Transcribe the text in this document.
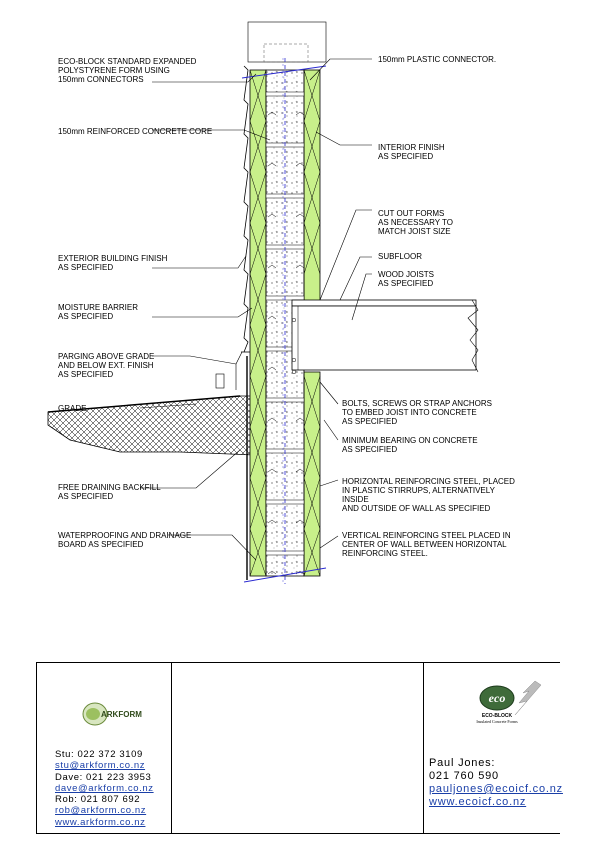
ECO-BLOCK STANDARD EXPANDED
POLYSTYRENE FORM USING
150mm CONNECTORS

150mm REINFORCED CONCRETE CORE

EXTERIOR BUILDING FINISH
AS SPECIFIED

MOISTURE BARRIER
AS SPECIFIED

PARGING ABOVE GRADE
AND BELOW EXT. FINISH
AS SPECIFIED

GRADE

FREE DRAINING BACKFILL
AS SPECIFIED

WATERPROOFING AND DRAINAGE
BOARD AS SPECIFIED

150mm PLASTIC CONNECTOR.

INTERIOR FINISH
AS SPECIFIED

CUT OUT FORMS
AS NECESSARY TO
MATCH JOIST SIZE

SUBFLOOR

WOOD JOISTS
AS SPECIFIED

BOLTS, SCREWS OR STRAP ANCHORS
TO EMBED JOIST INTO CONCRETE
AS SPECIFIED

MINIMUM BEARING ON CONCRETE
AS SPECIFIED

HORIZONTAL REINFORCING STEEL, PLACED
IN PLASTIC STIRRUPS, ALTERNATIVELY
INSIDE
AND OUTSIDE OF WALL AS SPECIFIED

VERTICAL REINFORCING STEEL PLACED IN
CENTER OF WALL BETWEEN HORIZONTAL
REINFORCING STEEL.

ARKFORM
Stu: 022 372 3109
stu@arkform.co.nz
Dave: 021 223 3953
dave@arkform.co.nz
Rob: 021 807 692
rob@arkform.co.nz
www.arkform.co.nz
eco
ECO-BLOCK
Insulated Concrete Forms
Paul Jones:
021 760 590
pauljones@ecoicf.co.nz
www.ecoicf.co.nz
